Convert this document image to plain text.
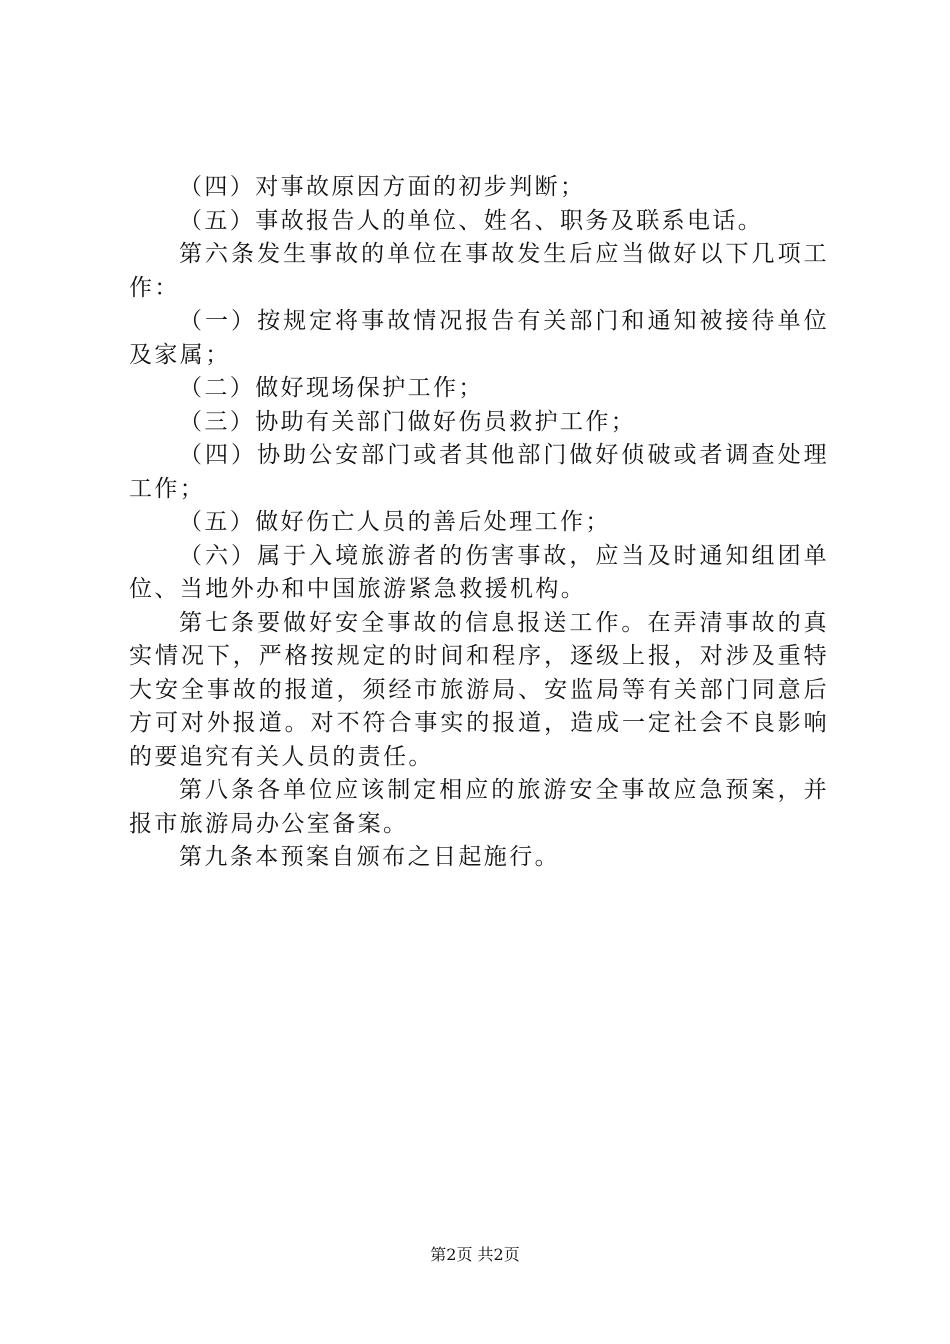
（四）对事故原因方面的初步判断；

（五）事故报告人的单位、姓名、职务及联系电话。

第六条发生事故的单位在事故发生后应当做好以下几项工作：

（一）按规定将事故情况报告有关部门和通知被接待单位及家属；

（二）做好现场保护工作；

（三）协助有关部门做好伤员救护工作；

（四）协助公安部门或者其他部门做好侦破或者调查处理工作；

（五）做好伤亡人员的善后处理工作；

（六）属于入境旅游者的伤害事故，应当及时通知组团单位、当地外办和中国旅游紧急救援机构。

第七条要做好安全事故的信息报送工作。在弄清事故的真实情况下，严格按规定的时间和程序，逐级上报，对涉及重特大安全事故的报道，须经市旅游局、安监局等有关部门同意后方可对外报道。对不符合事实的报道，造成一定社会不良影响的要追究有关人员的责任。

第八条各单位应该制定相应的旅游安全事故应急预案，并报市旅游局办公室备案。

第九条本预案自颁布之日起施行。

第2页 共2页
